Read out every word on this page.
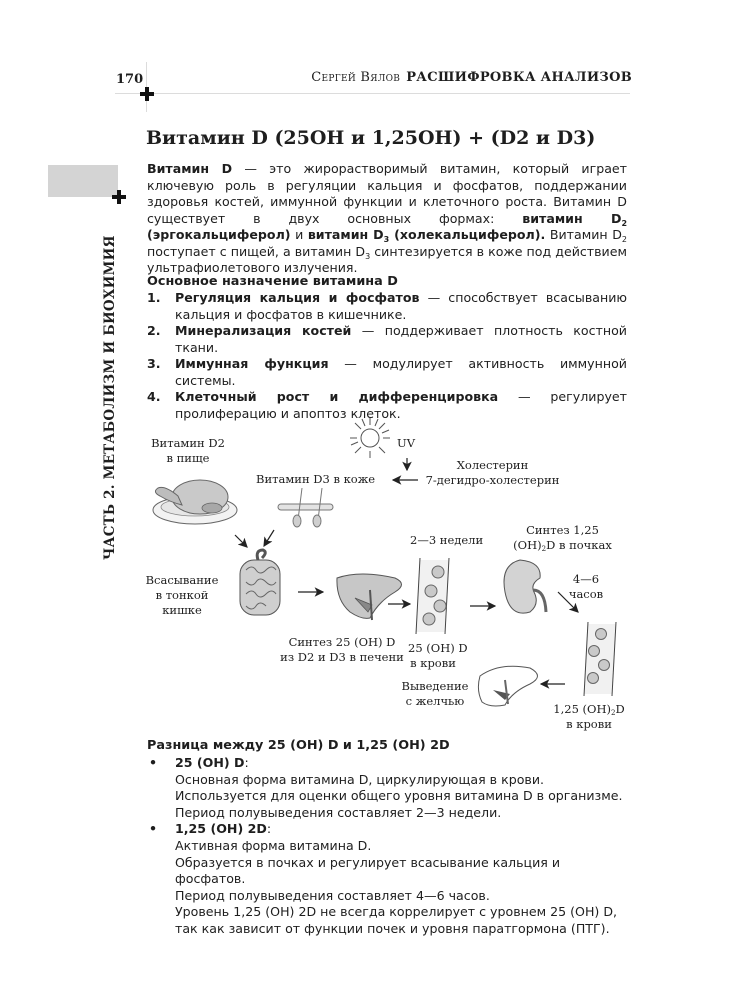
170	Сергей Вялов РАСШИФРОВКА АНАЛИЗОВ
ЧАСТЬ 2. МЕТАБОЛИЗМ И БИОХИМИЯ
Витамин D (25OH и 1,25OH) + (D2 и D3)
Витамин D — это жирорастворимый витамин, который играет ключевую роль в регуляции кальция и фосфатов, поддержании здоровья костей, иммунной функции и клеточного роста. Витамин D существует в двух основных формах: витамин $D_2$ (эргокальциферол) и витамин $D_3$ (холекальциферол). Витамин $D_2$ поступает с пищей, а витамин $D_3$ синтезируется в коже под действием ультрафиолетового излучения.
Основное назначение витамина D
1. Регуляция кальция и фосфатов — способствует всасыванию кальция и фосфатов в кишечнике.
2. Минерализация костей — поддерживает плотность костной ткани.
3. Иммунная функция — модулирует активность иммунной системы.
4. Клеточный рост и дифференцировка — регулирует пролиферацию и апоптоз клеток.
Витамин D2
в пище
UV
Витамин D3 в коже
Холестерин
7-дегидро-холестерин
Всасывание
в тонкой
кишке
Синтез 25 (OH) D
из D2 и D3 в печени
2—3 недели
25 (OH) D
в крови
Синтез 1,25
$(OH)_2D$ в почках
4—6
часов
Выведение
с желчью
1,25 $(OH)_2D$
в крови
Разница между 25 (OH) D и 1,25 (OH) 2D
• 25 (OH) D:
Основная форма витамина D, циркулирующая в крови.
Используется для оценки общего уровня витамина D в организме.
Период полувыведения составляет 2—3 недели.
• 1,25 (OH) 2D:
Активная форма витамина D.
Образуется в почках и регулирует всасывание кальция и фосфатов.
Период полувыведения составляет 4—6 часов.
Уровень 1,25 (OH) 2D не всегда коррелирует с уровнем 25 (OH) D, так как зависит от функции почек и уровня паратгормона (ПТГ).
